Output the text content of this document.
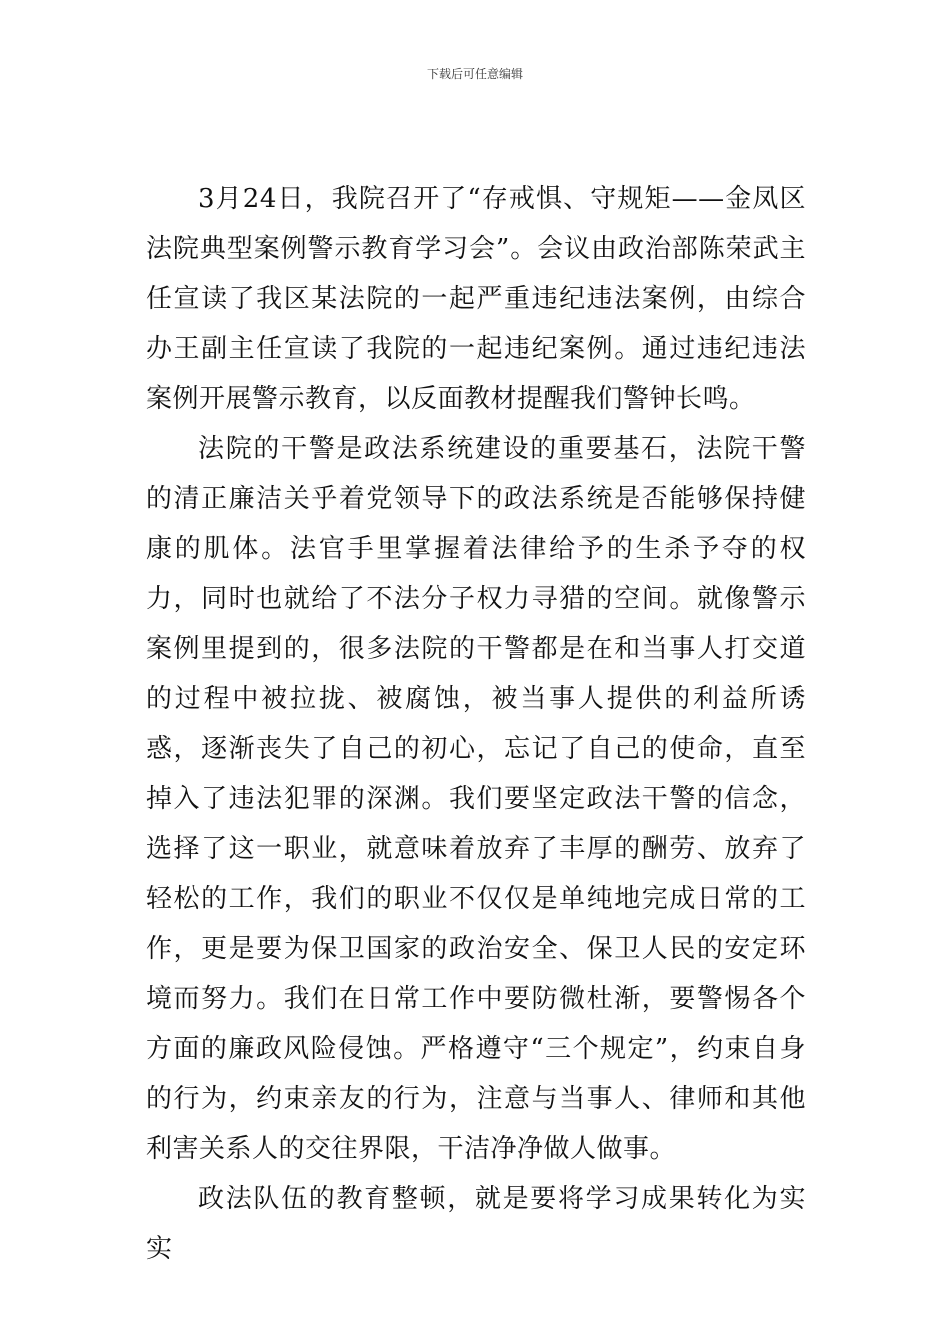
下载后可任意编辑

3月24日，我院召开了“存戒惧、守规矩——金凤区法院典型案例警示教育学习会”。会议由政治部陈荣武主任宣读了我区某法院的一起严重违纪违法案例，由综合办王副主任宣读了我院的一起违纪案例。通过违纪违法案例开展警示教育，以反面教材提醒我们警钟长鸣。

法院的干警是政法系统建设的重要基石，法院干警的清正廉洁关乎着党领导下的政法系统是否能够保持健康的肌体。法官手里掌握着法律给予的生杀予夺的权力，同时也就给了不法分子权力寻猎的空间。就像警示案例里提到的，很多法院的干警都是在和当事人打交道的过程中被拉拢、被腐蚀，被当事人提供的利益所诱惑，逐渐丧失了自己的初心，忘记了自己的使命，直至掉入了违法犯罪的深渊。我们要坚定政法干警的信念，选择了这一职业，就意味着放弃了丰厚的酬劳、放弃了轻松的工作，我们的职业不仅仅是单纯地完成日常的工作，更是要为保卫国家的政治安全、保卫人民的安定环境而努力。我们在日常工作中要防微杜渐，要警惕各个方面的廉政风险侵蚀。严格遵守“三个规定”，约束自身的行为，约束亲友的行为，注意与当事人、律师和其他利害关系人的交往界限，干洁净净做人做事。

政法队伍的教育整顿，就是要将学习成果转化为实实
